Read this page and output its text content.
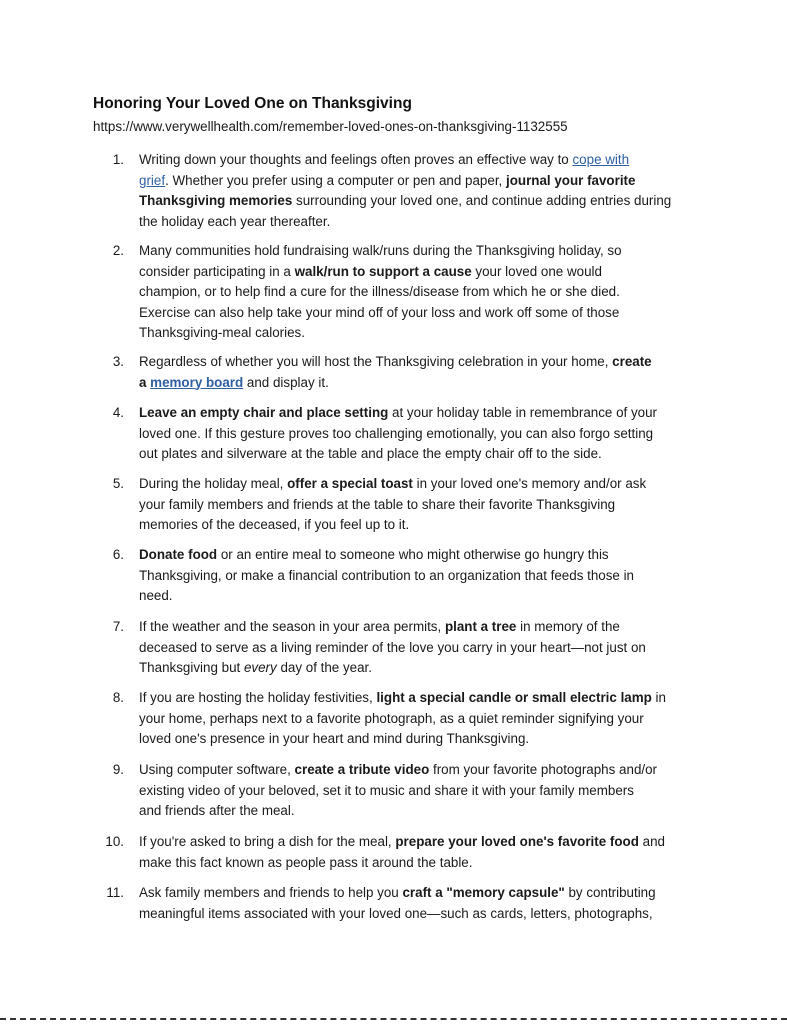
Honoring Your Loved One on Thanksgiving
https://www.verywellhealth.com/remember-loved-ones-on-thanksgiving-1132555
1. Writing down your thoughts and feelings often proves an effective way to cope with
grief. Whether you prefer using a computer or pen and paper, journal your favorite
Thanksgiving memories surrounding your loved one, and continue adding entries during
the holiday each year thereafter.
2. Many communities hold fundraising walk/runs during the Thanksgiving holiday, so
consider participating in a walk/run to support a cause your loved one would
champion, or to help find a cure for the illness/disease from which he or she died.
Exercise can also help take your mind off of your loss and work off some of those
Thanksgiving-meal calories.
3. Regardless of whether you will host the Thanksgiving celebration in your home, create
a memory board and display it.
4. Leave an empty chair and place setting at your holiday table in remembrance of your
loved one. If this gesture proves too challenging emotionally, you can also forgo setting
out plates and silverware at the table and place the empty chair off to the side.
5. During the holiday meal, offer a special toast in your loved one's memory and/or ask
your family members and friends at the table to share their favorite Thanksgiving
memories of the deceased, if you feel up to it.
6. Donate food or an entire meal to someone who might otherwise go hungry this
Thanksgiving, or make a financial contribution to an organization that feeds those in
need.
7. If the weather and the season in your area permits, plant a tree in memory of the
deceased to serve as a living reminder of the love you carry in your heart—not just on
Thanksgiving but every day of the year.
8. If you are hosting the holiday festivities, light a special candle or small electric lamp in
your home, perhaps next to a favorite photograph, as a quiet reminder signifying your
loved one's presence in your heart and mind during Thanksgiving.
9. Using computer software, create a tribute video from your favorite photographs and/or
existing video of your beloved, set it to music and share it with your family members
and friends after the meal.
10. If you're asked to bring a dish for the meal, prepare your loved one's favorite food and
make this fact known as people pass it around the table.
11. Ask family members and friends to help you craft a "memory capsule" by contributing
meaningful items associated with your loved one—such as cards, letters, photographs,
